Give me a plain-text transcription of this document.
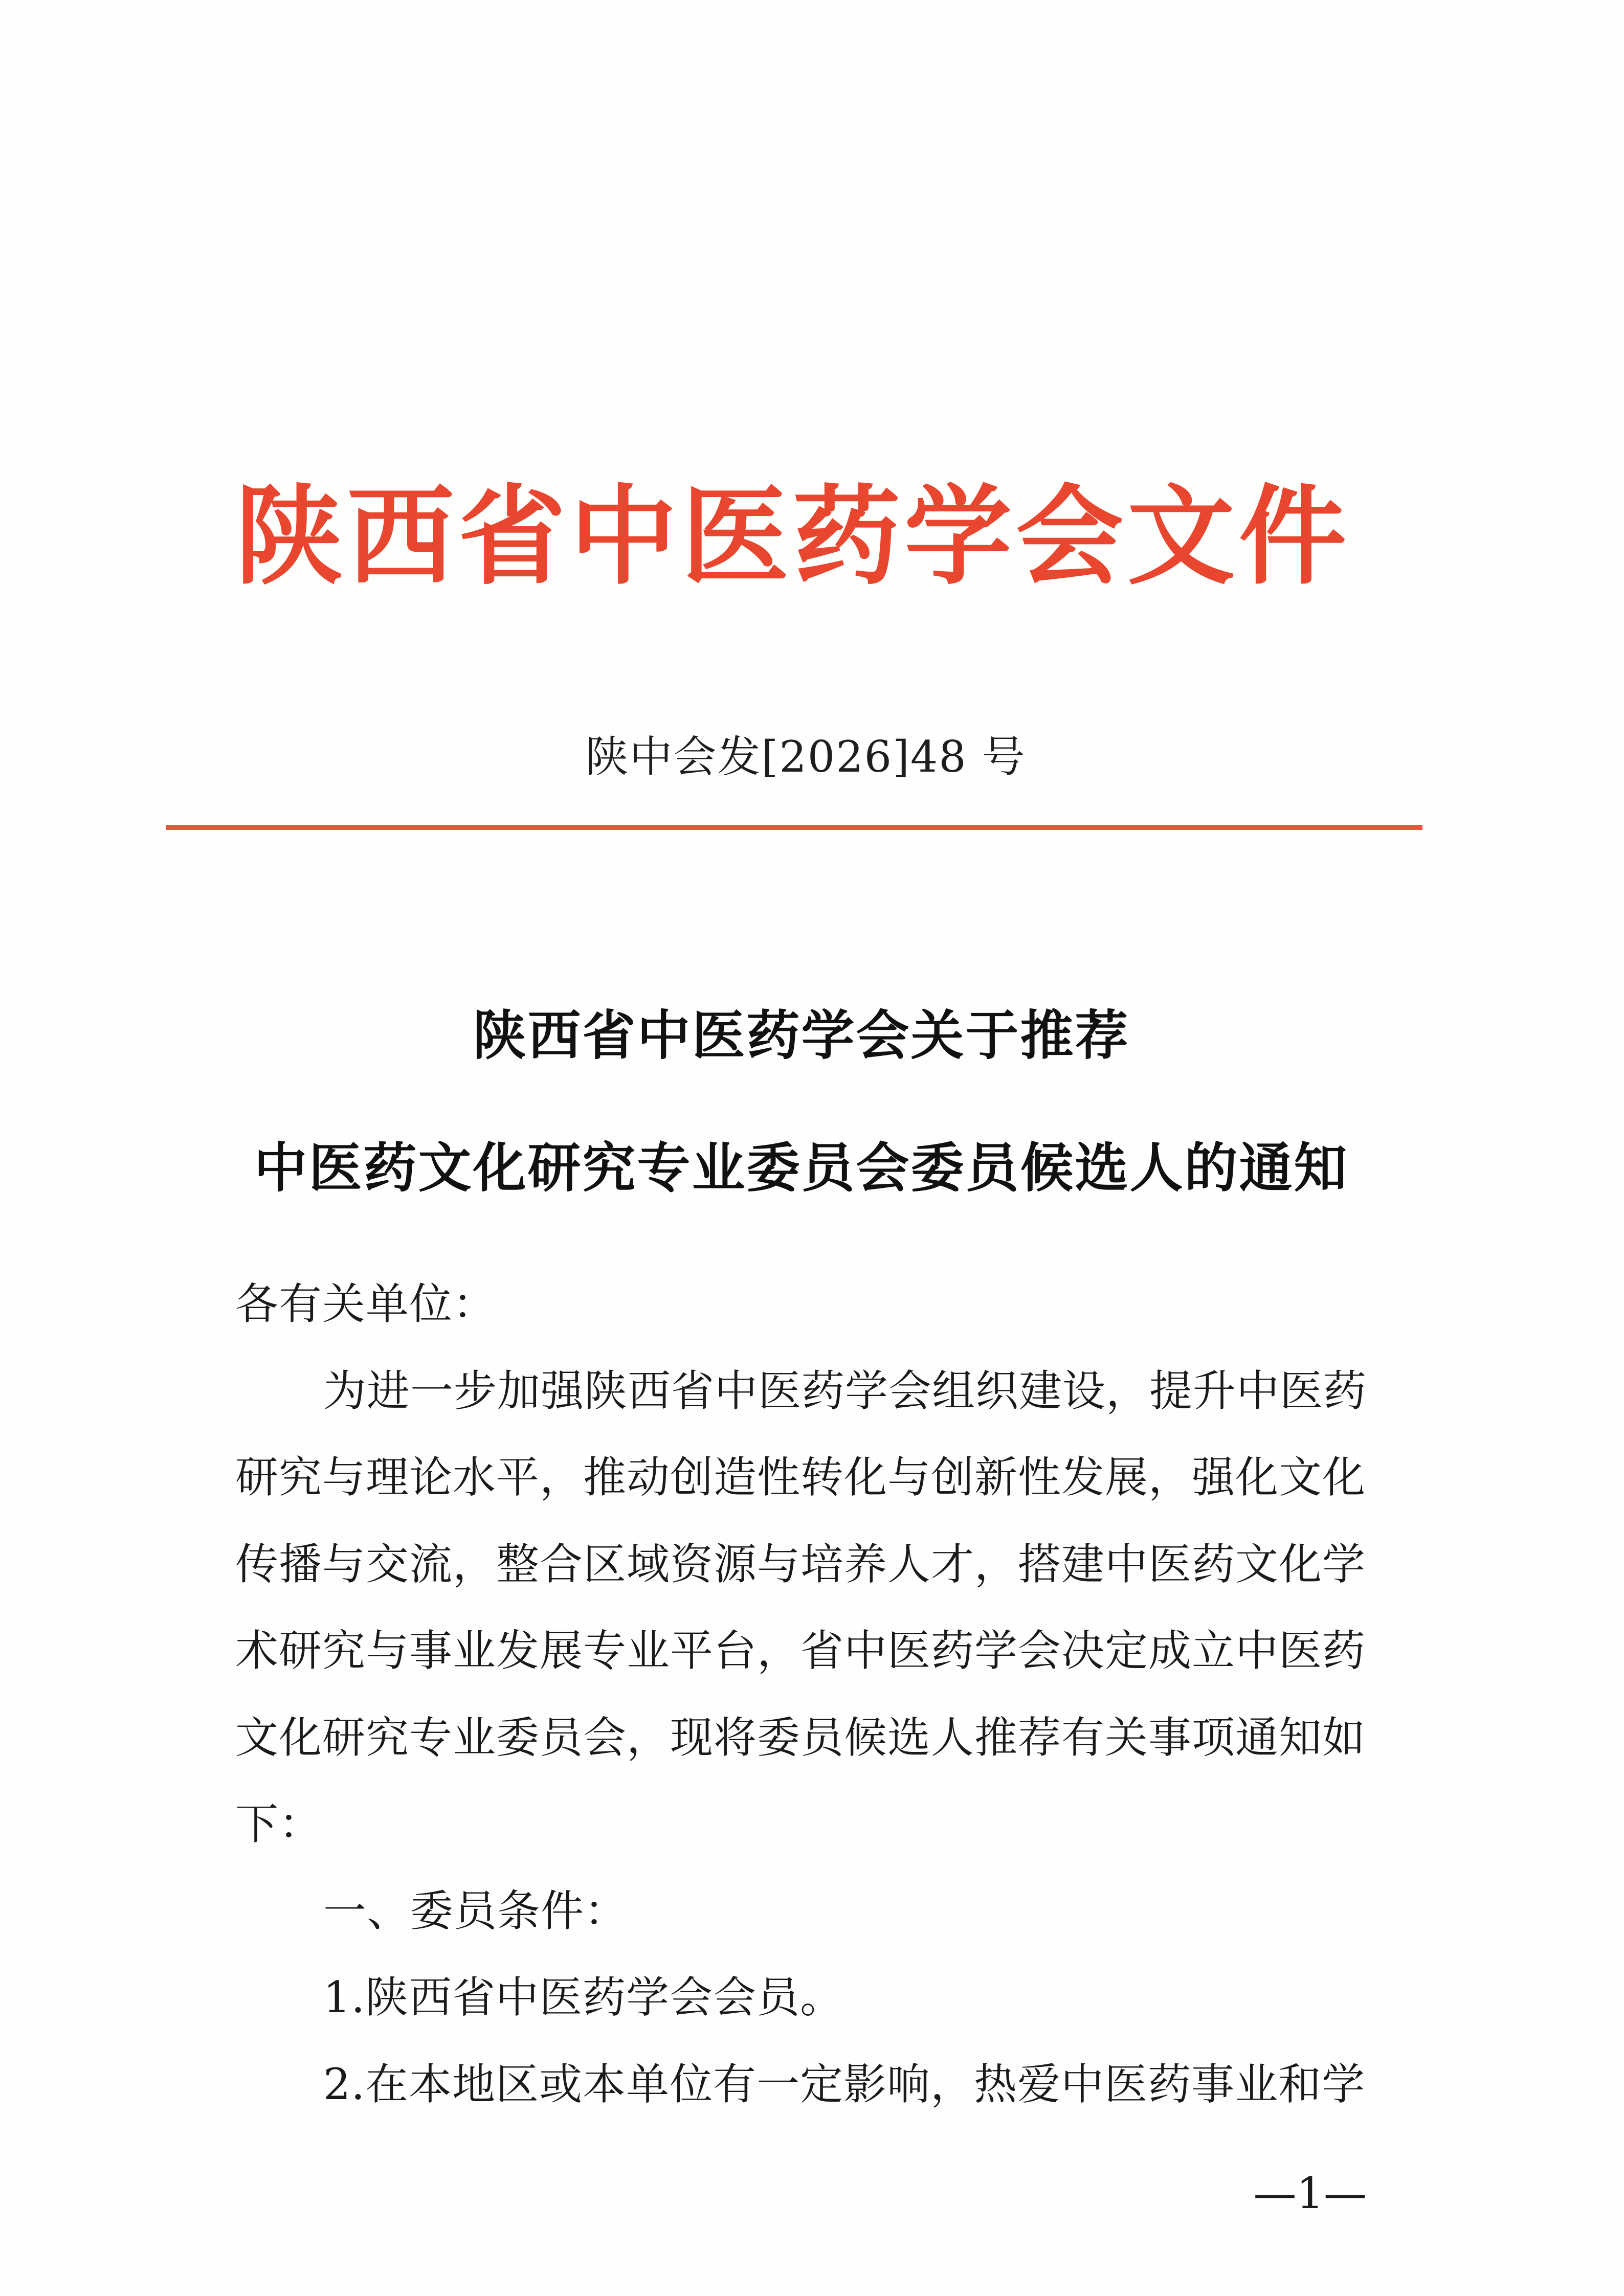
陕西省中医药学会文件
陕中会发[2026]48 号
陕西省中医药学会关于推荐
中医药文化研究专业委员会委员候选人的通知
各有关单位：
为进一步加强陕西省中医药学会组织建设，提升中医药
研究与理论水平，推动创造性转化与创新性发展，强化文化
传播与交流，整合区域资源与培养人才，搭建中医药文化学
术研究与事业发展专业平台，省中医药学会决定成立中医药
文化研究专业委员会，现将委员候选人推荐有关事项通知如
下：
一、委员条件：
1.陕西省中医药学会会员。
2.在本地区或本单位有一定影响，热爱中医药事业和学
—1—
